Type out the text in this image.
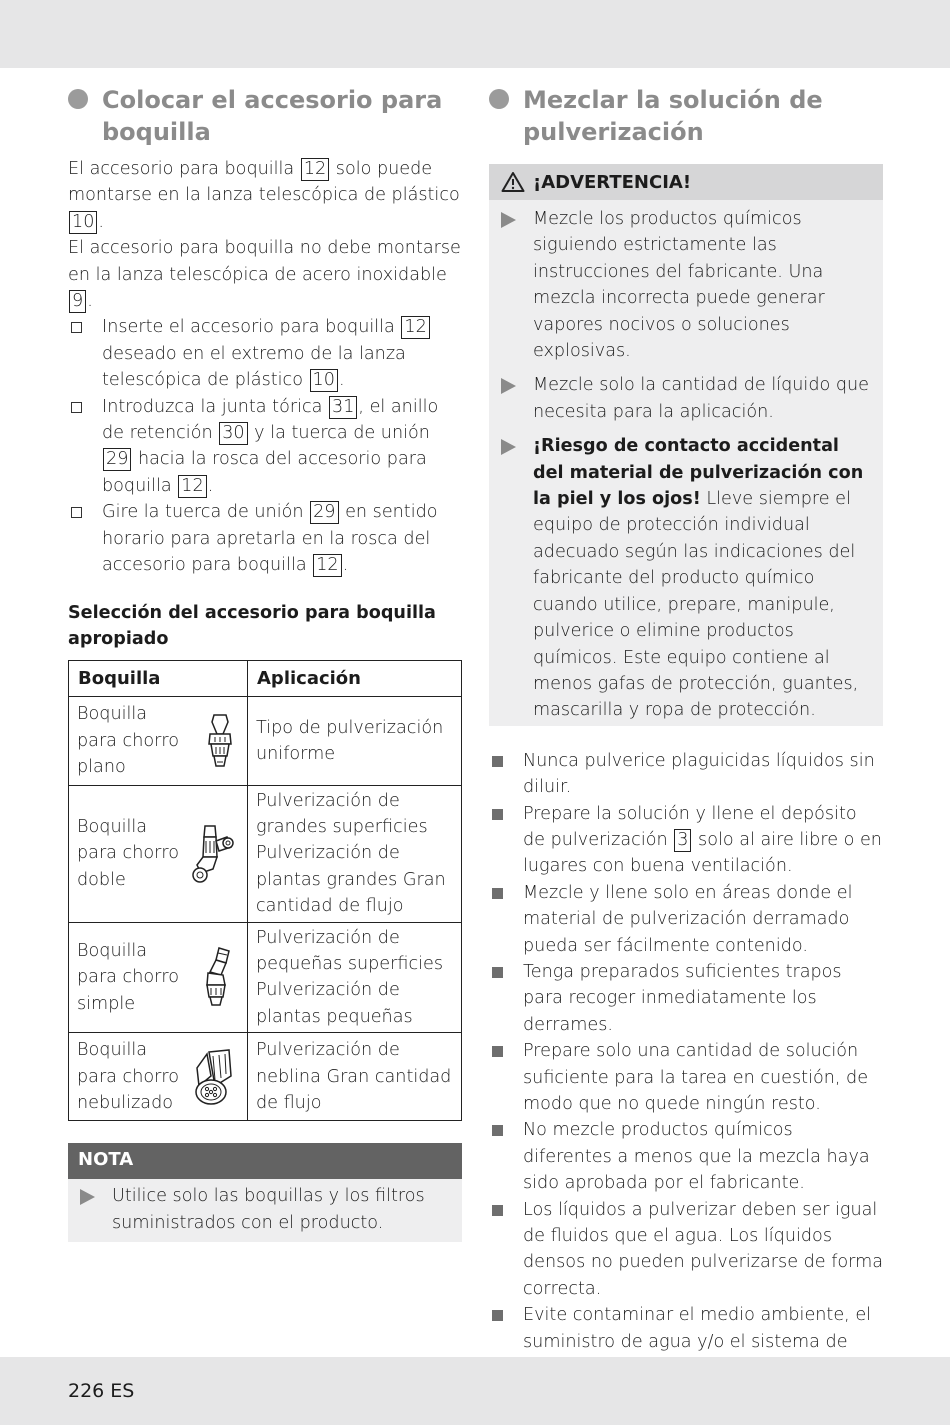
Colocar el accesorio para boquilla
El accesorio para boquilla 12 solo puede montarse en la lanza telescópica de plástico 10 .
El accesorio para boquilla no debe montarse en la lanza telescópica de acero inoxidable 9 .
Inserte el accesorio para boquilla 12 deseado en el extremo de la lanza telescópica de plástico 10 .
Introduzca la junta tórica 31 , el anillo de retención 30 y la tuerca de unión 29 hacia la rosca del accesorio para boquilla 12 .
Gire la tuerca de unión 29 en sentido horario para apretarla en la rosca del accesorio para boquilla 12 .
Selección del accesorio para boquilla apropiado
Boquilla	Aplicación

Boquilla para chorro plano	Tipo de pulverización uniforme

Boquilla para chorro doble	Pulverización de grandes superficies Pulverización de plantas grandes Gran cantidad de flujo

Boquilla para chorro simple	Pulverización de pequeñas superficies Pulverización de plantas pequeñas

Boquilla para chorro nebulizado	Pulverización de neblina Gran cantidad de flujo
NOTA
Utilice solo las boquillas y los filtros suministrados con el producto.
Mezclar la solución de pulverización
¡ADVERTENCIA!
Mezcle los productos químicos siguiendo estrictamente las instrucciones del fabricante. Una mezcla incorrecta puede generar vapores nocivos o soluciones explosivas.
Mezcle solo la cantidad de líquido que necesita para la aplicación.
¡Riesgo de contacto accidental del material de pulverización con la piel y los ojos! Lleve siempre el equipo de protección individual adecuado según las indicaciones del fabricante del producto químico cuando utilice, prepare, manipule, pulverice o elimine productos químicos. Este equipo contiene al menos gafas de protección, guantes, mascarilla y ropa de protección.
Nunca pulverice plaguicidas líquidos sin diluir.
Prepare la solución y llene el depósito de pulverización 3 solo al aire libre o en lugares con buena ventilación.
Mezcle y llene solo en áreas donde el material de pulverización derramado pueda ser fácilmente contenido.
Tenga preparados suficientes trapos para recoger inmediatamente los derrames.
Prepare solo una cantidad de solución suficiente para la tarea en cuestión, de modo que no quede ningún resto.
No mezcle productos químicos diferentes a menos que la mezcla haya sido aprobada por el fabricante.
Los líquidos a pulverizar deben ser igual de fluidos que el agua. Los líquidos densos no pueden pulverizarse de forma correcta.
Evite contaminar el medio ambiente, el suministro de agua y/o el sistema de
226 ES
